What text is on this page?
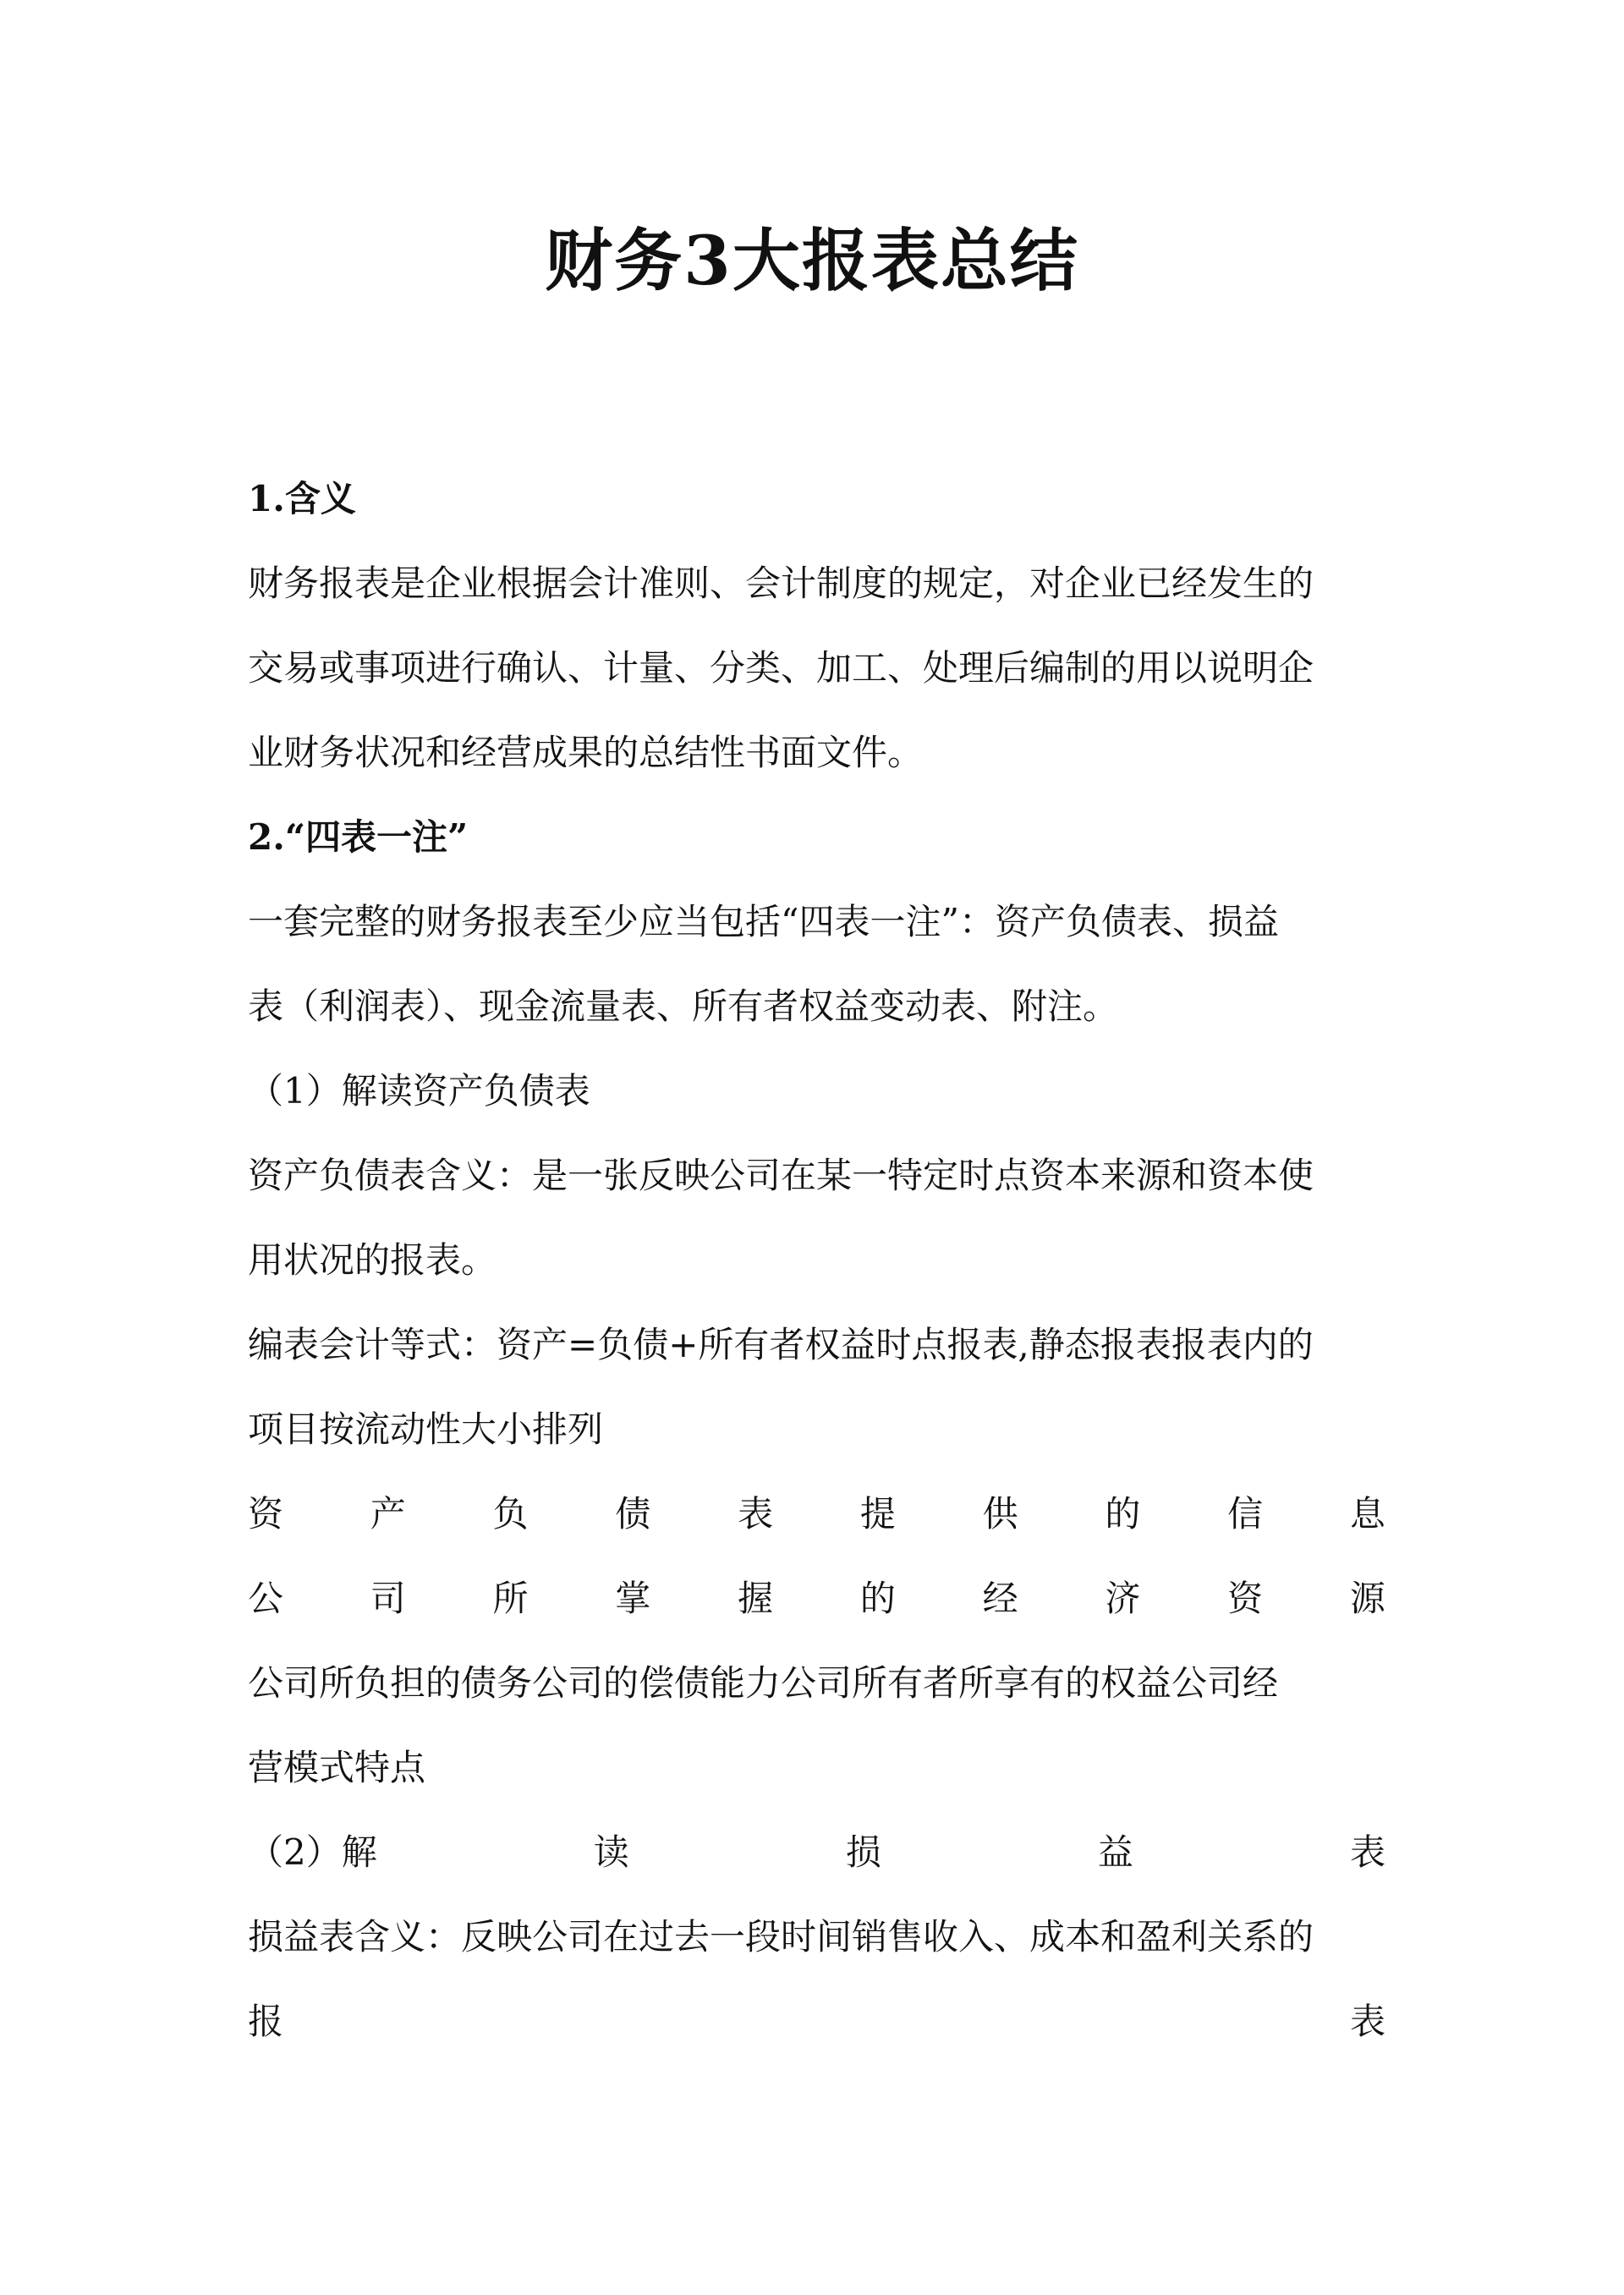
财务3大报表总结
1.含义
财务报表是企业根据会计准则、会计制度的规定，对企业已经发生的
交易或事项进行确认、计量、分类、加工、处理后编制的用以说明企
业财务状况和经营成果的总结性书面文件。
2.“四表一注”
一套完整的财务报表至少应当包括“四表一注”：资产负债表、损益
表（利润表）、现金流量表、所有者权益变动表、附注。
（1）解读资产负债表
资产负债表含义：是一张反映公司在某一特定时点资本来源和资本使
用状况的报表。
编表会计等式：资产=负债+所有者权益时点报表,静态报表报表内的
项目按流动性大小排列
资 产 负 债 表 提 供 的 信 息
公 司 所 掌 握 的 经 济 资 源
公司所负担的债务公司的偿债能力公司所有者所享有的权益公司经
营模式特点
（2）解	读	损	益	表
损益表含义：反映公司在过去一段时间销售收入、成本和盈利关系的
报	表
